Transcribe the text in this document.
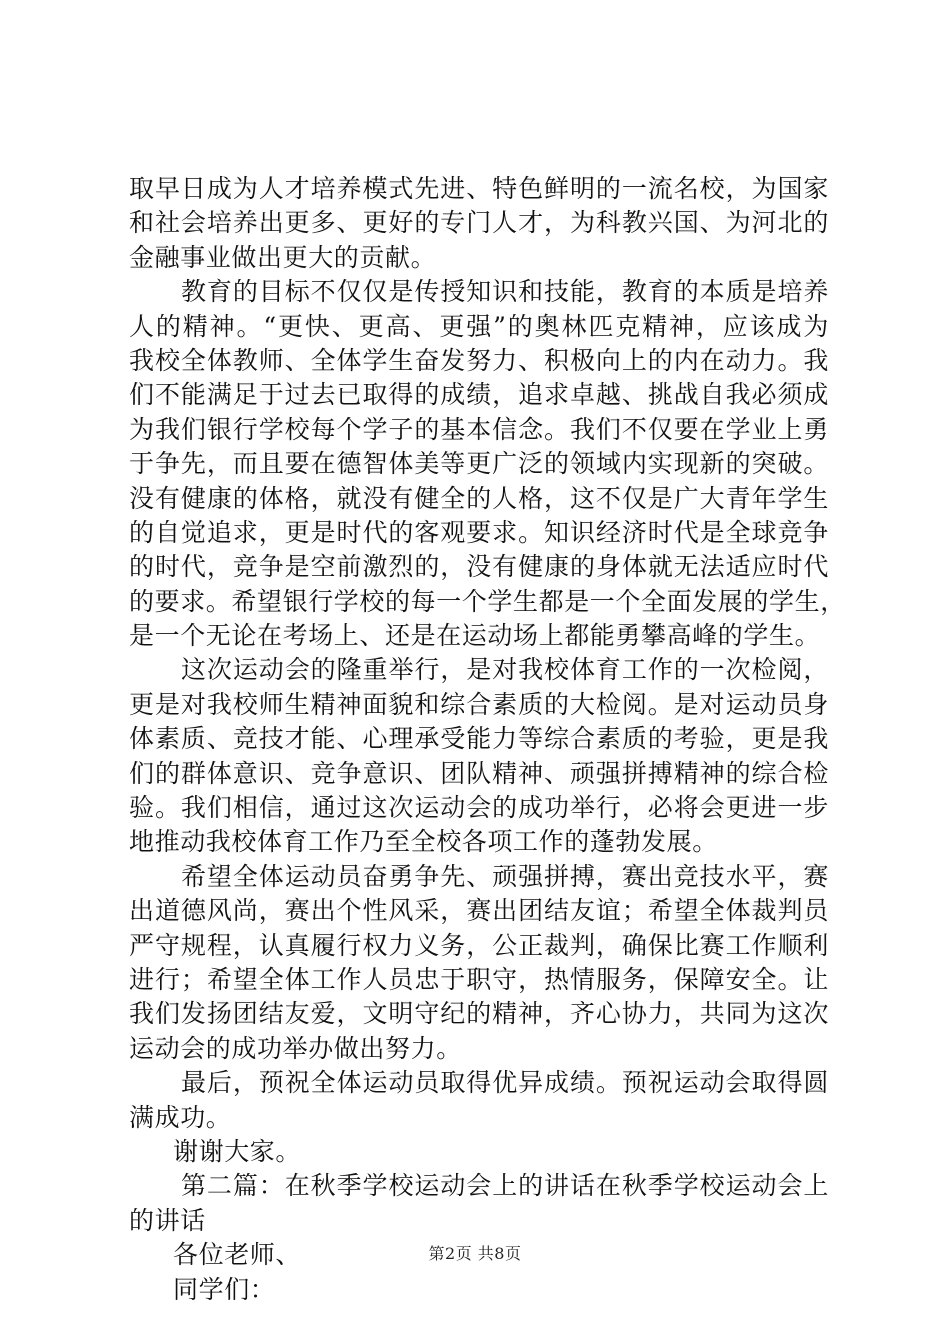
取早日成为人才培养模式先进、特色鲜明的一流名校，为国家
和社会培养出更多、更好的专门人才，为科教兴国、为河北的
金融事业做出更大的贡献。
教育的目标不仅仅是传授知识和技能，教育的本质是培养
人的精神。“更快、更高、更强”的奥林匹克精神，应该成为
我校全体教师、全体学生奋发努力、积极向上的内在动力。我
们不能满足于过去已取得的成绩，追求卓越、挑战自我必须成
为我们银行学校每个学子的基本信念。我们不仅要在学业上勇
于争先，而且要在德智体美等更广泛的领域内实现新的突破。
没有健康的体格，就没有健全的人格，这不仅是广大青年学生
的自觉追求，更是时代的客观要求。知识经济时代是全球竞争
的时代，竞争是空前激烈的，没有健康的身体就无法适应时代
的要求。希望银行学校的每一个学生都是一个全面发展的学生，
是一个无论在考场上、还是在运动场上都能勇攀高峰的学生。
这次运动会的隆重举行，是对我校体育工作的一次检阅，
更是对我校师生精神面貌和综合素质的大检阅。是对运动员身
体素质、竞技才能、心理承受能力等综合素质的考验，更是我
们的群体意识、竞争意识、团队精神、顽强拼搏精神的综合检
验。我们相信，通过这次运动会的成功举行，必将会更进一步
地推动我校体育工作乃至全校各项工作的蓬勃发展。
希望全体运动员奋勇争先、顽强拼搏，赛出竞技水平，赛
出道德风尚，赛出个性风采，赛出团结友谊；希望全体裁判员
严守规程，认真履行权力义务，公正裁判，确保比赛工作顺利
进行；希望全体工作人员忠于职守，热情服务，保障安全。让
我们发扬团结友爱，文明守纪的精神，齐心协力，共同为这次
运动会的成功举办做出努力。
最后，预祝全体运动员取得优异成绩。预祝运动会取得圆
满成功。
谢谢大家。
第二篇：在秋季学校运动会上的讲话在秋季学校运动会上
的讲话
各位老师、
同学们：
第2页 共8页
